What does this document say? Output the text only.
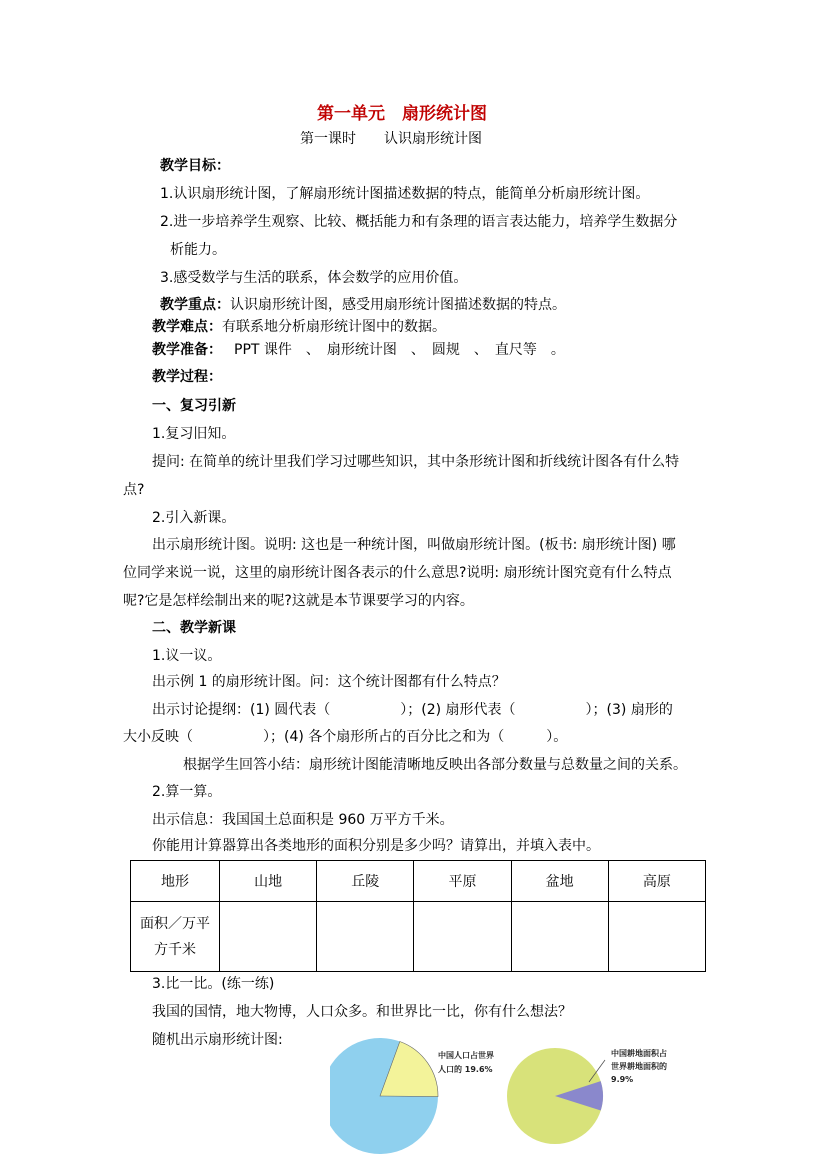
第一单元　扇形统计图
第一课时　　认识扇形统计图
教学目标：
1.认识扇形统计图，了解扇形统计图描述数据的特点，能简单分析扇形统计图。
2.进一步培养学生观察、比较、概括能力和有条理的语言表达能力，培养学生数据分
析能力。
3.感受数学与生活的联系，体会数学的应用价值。
教学重点：认识扇形统计图，感受用扇形统计图描述数据的特点。
教学难点：有联系地分析扇形统计图中的数据。
教学准备： PPT 课件　、　扇形统计图　、　圆规　、　直尺等　。
教学过程：
一、复习引新
1.复习旧知。
提问: 在简单的统计里我们学习过哪些知识，其中条形统计图和折线统计图各有什么特
点?
2.引入新课。
出示扇形统计图。说明: 这也是一种统计图，叫做扇形统计图。(板书: 扇形统计图) 哪
位同学来说一说，这里的扇形统计图各表示的什么意思?说明: 扇形统计图究竟有什么特点
呢?它是怎样绘制出来的呢?这就是本节课要学习的内容。
二、教学新课
1.议一议。
出示例 1 的扇形统计图。问：这个统计图都有什么特点？
出示讨论提纲：(1) 圆代表（　　　　　）；(2) 扇形代表（　　　　　）；(3) 扇形的
大小反映（　　　　　）；(4) 各个扇形所占的百分比之和为（　　　）。
根据学生回答小结：扇形统计图能清晰地反映出各部分数量与总数量之间的关系。
2.算一算。
出示信息：我国国土总面积是 960 万平方千米。
你能用计算器算出各类地形的面积分别是多少吗？请算出，并填入表中。
地形	山地	丘陵	平原	盆地	高原
面积／万平
方千米					
3.比一比。(练一练)
我国的国情，地大物博，人口众多。和世界比一比，你有什么想法？
随机出示扇形统计图:
中国人口占世界
人口的 19.6%
中国耕地面积占
世界耕地面积的
9.9%
